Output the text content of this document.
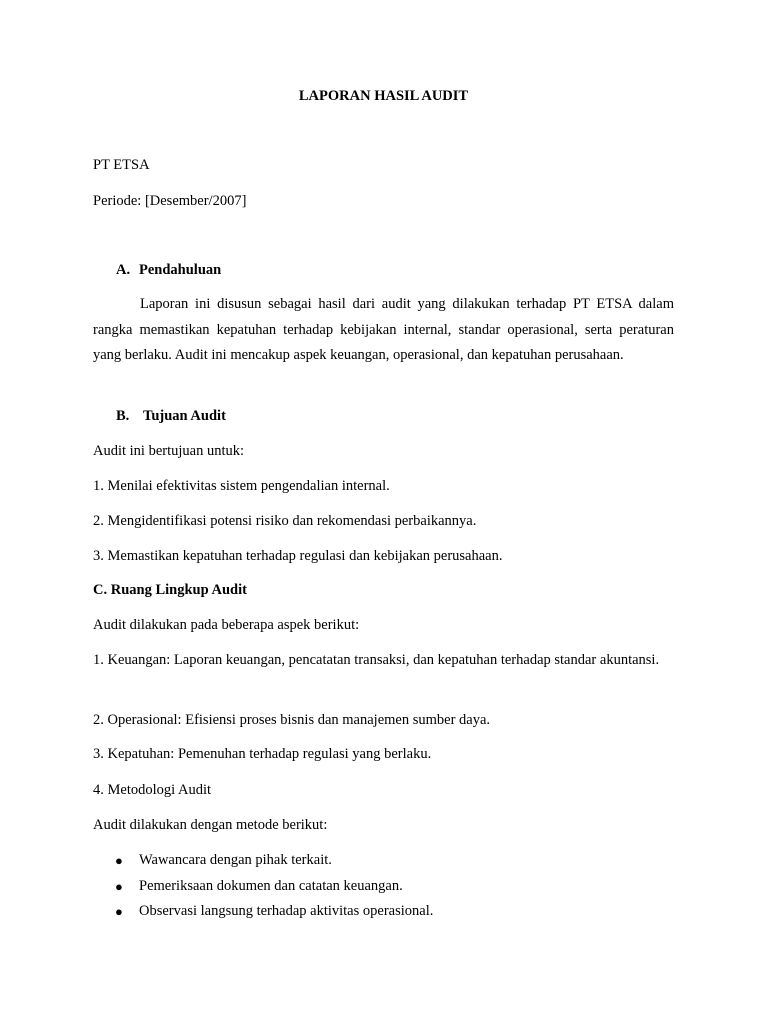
LAPORAN HASIL AUDIT
PT ETSA
Periode: [Desember/2007]
A. Pendahuluan
Laporan ini disusun sebagai hasil dari audit yang dilakukan terhadap PT ETSA dalam rangka memastikan kepatuhan terhadap kebijakan internal, standar operasional, serta peraturan yang berlaku. Audit ini mencakup aspek keuangan, operasional, dan kepatuhan perusahaan.
B. Tujuan Audit
Audit ini bertujuan untuk:
1. Menilai efektivitas sistem pengendalian internal.
2. Mengidentifikasi potensi risiko dan rekomendasi perbaikannya.
3. Memastikan kepatuhan terhadap regulasi dan kebijakan perusahaan.
C. Ruang Lingkup Audit
Audit dilakukan pada beberapa aspek berikut:
1. Keuangan: Laporan keuangan, pencatatan transaksi, dan kepatuhan terhadap standar akuntansi.
2. Operasional: Efisiensi proses bisnis dan manajemen sumber daya.
3. Kepatuhan: Pemenuhan terhadap regulasi yang berlaku.
4. Metodologi Audit
Audit dilakukan dengan metode berikut:
● Wawancara dengan pihak terkait.
● Pemeriksaan dokumen dan catatan keuangan.
● Observasi langsung terhadap aktivitas operasional.
